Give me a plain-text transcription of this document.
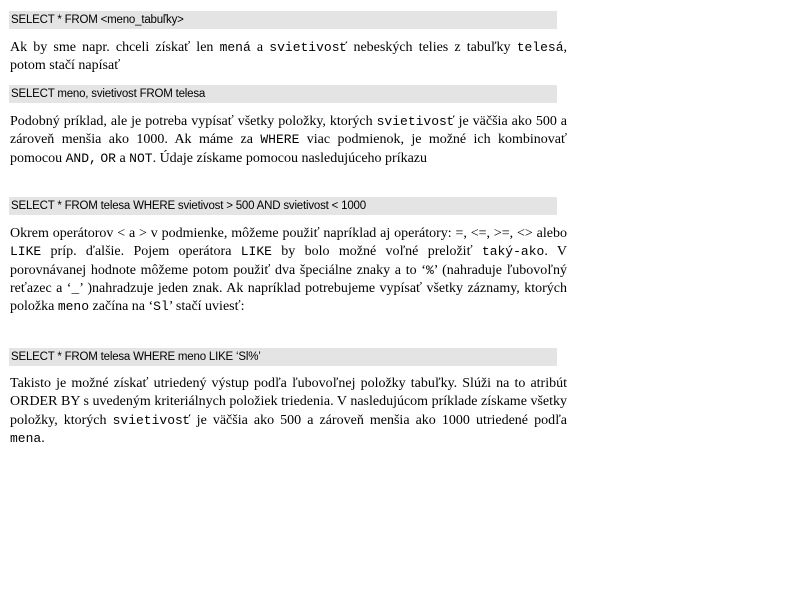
SELECT * FROM <meno_tabuľky>

Ak by sme napr. chceli získať len mená a svietivosť nebeských telies z tabuľky telesá, potom stačí napísať

SELECT meno, svietivost FROM telesa

Podobný príklad, ale je potreba vypísať všetky položky, ktorých svietivosť je väčšia ako 500 a zároveň menšia ako 1000. Ak máme za WHERE viac podmienok, je možné ich kombinovať pomocou AND, OR a NOT. Údaje získame pomocou nasledujúceho príkazu

SELECT * FROM telesa WHERE svietivost > 500 AND svietivost < 1000

Okrem operátorov < a > v podmienke, môžeme použiť napríklad aj operátory: =, <=, >=, <> alebo LIKE príp. ďalšie. Pojem operátora LIKE by bolo možné voľné preložiť taký-ako. V porovnávanej hodnote môžeme potom použiť dva špeciálne znaky a to ‘%’ (nahraduje ľubovoľný reťazec a ‘_’ )nahradzuje jeden znak. Ak napríklad potrebujeme vypísať všetky záznamy, ktorých položka meno začína na ‘Sl’ stačí uviesť:

SELECT * FROM telesa WHERE meno LIKE ‘Sl%’

Takisto je možné získať utriedený výstup podľa ľubovoľnej položky tabuľky. Slúži na to atribút ORDER BY s uvedeným kriteriálnych položiek triedenia. V nasledujúcom príklade získame všetky položky, ktorých svietivosť je väčšia ako 500 a zároveň menšia ako 1000 utriedené podľa mena.
